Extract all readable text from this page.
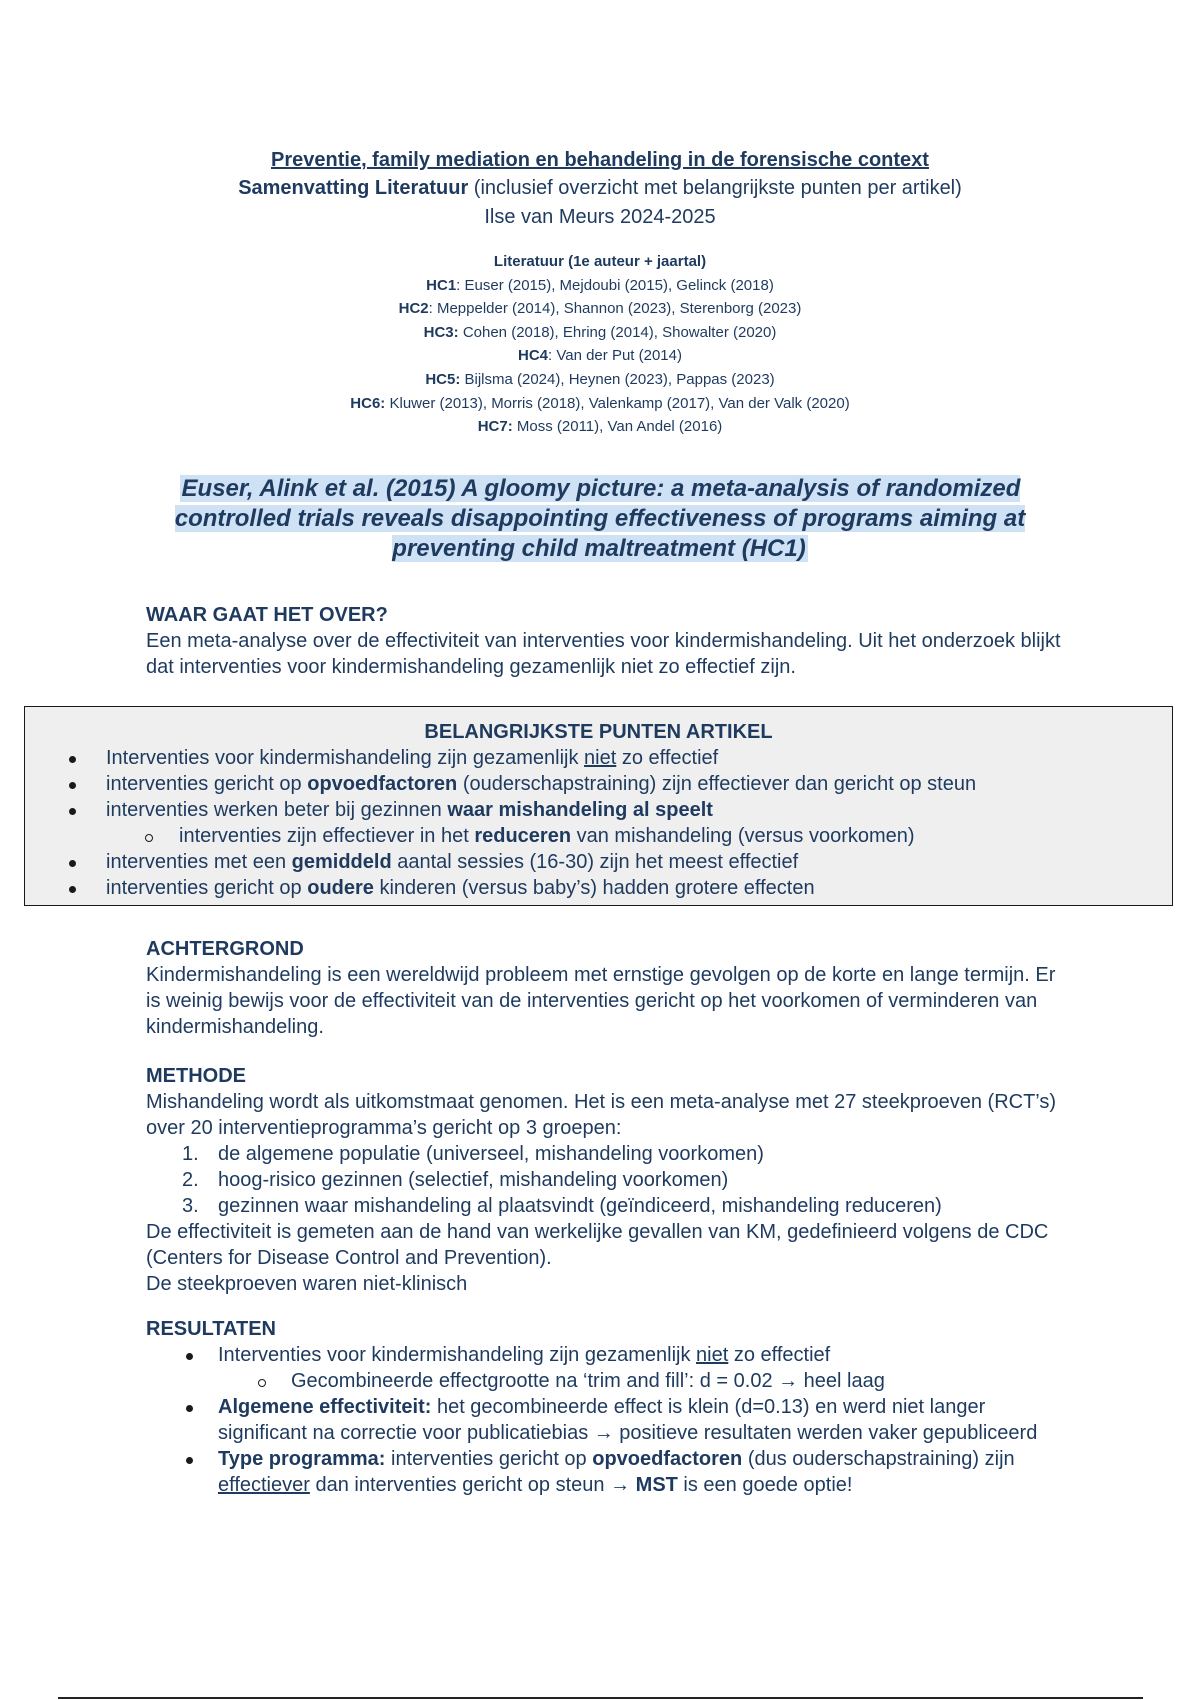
Preventie, family mediation en behandeling in de forensische context
Samenvatting Literatuur (inclusief overzicht met belangrijkste punten per artikel)
Ilse van Meurs 2024-2025
Literatuur (1e auteur + jaartal)
HC1: Euser (2015), Mejdoubi (2015), Gelinck (2018)
HC2: Meppelder (2014), Shannon (2023), Sterenborg (2023)
HC3: Cohen (2018), Ehring (2014), Showalter (2020)
HC4: Van der Put (2014)
HC5: Bijlsma (2024), Heynen (2023), Pappas (2023)
HC6: Kluwer (2013), Morris (2018), Valenkamp (2017), Van der Valk (2020)
HC7: Moss (2011), Van Andel (2016)
Euser, Alink et al. (2015) A gloomy picture: a meta-analysis of randomized controlled trials reveals disappointing effectiveness of programs aiming at preventing child maltreatment (HC1)
WAAR GAAT HET OVER?
Een meta-analyse over de effectiviteit van interventies voor kindermishandeling. Uit het onderzoek blijkt dat interventies voor kindermishandeling gezamenlijk niet zo effectief zijn.
BELANGRIJKSTE PUNTEN ARTIKEL
Interventies voor kindermishandeling zijn gezamenlijk niet zo effectief
interventies gericht op opvoedfactoren (ouderschapstraining) zijn effectiever dan gericht op steun
interventies werken beter bij gezinnen waar mishandeling al speelt
interventies zijn effectiever in het reduceren van mishandeling (versus voorkomen)
interventies met een gemiddeld aantal sessies (16-30) zijn het meest effectief
interventies gericht op oudere kinderen (versus baby’s) hadden grotere effecten
ACHTERGROND
Kindermishandeling is een wereldwijd probleem met ernstige gevolgen op de korte en lange termijn. Er is weinig bewijs voor de effectiviteit van de interventies gericht op het voorkomen of verminderen van kindermishandeling.
METHODE
Mishandeling wordt als uitkomstmaat genomen. Het is een meta-analyse met 27 steekproeven (RCT’s) over 20 interventieprogramma’s gericht op 3 groepen:
1. de algemene populatie (universeel, mishandeling voorkomen)
2. hoog-risico gezinnen (selectief, mishandeling voorkomen)
3. gezinnen waar mishandeling al plaatsvindt (geïndiceerd, mishandeling reduceren)
De effectiviteit is gemeten aan de hand van werkelijke gevallen van KM, gedefinieerd volgens de CDC (Centers for Disease Control and Prevention).
De steekproeven waren niet-klinisch
RESULTATEN
Interventies voor kindermishandeling zijn gezamenlijk niet zo effectief
Gecombineerde effectgrootte na ‘trim and fill’: d = 0.02 → heel laag
Algemene effectiviteit: het gecombineerde effect is klein (d=0.13) en werd niet langer significant na correctie voor publicatiebias → positieve resultaten werden vaker gepubliceerd
Type programma: interventies gericht op opvoedfactoren (dus ouderschapstraining) zijn effectiever dan interventies gericht op steun → MST is een goede optie!
